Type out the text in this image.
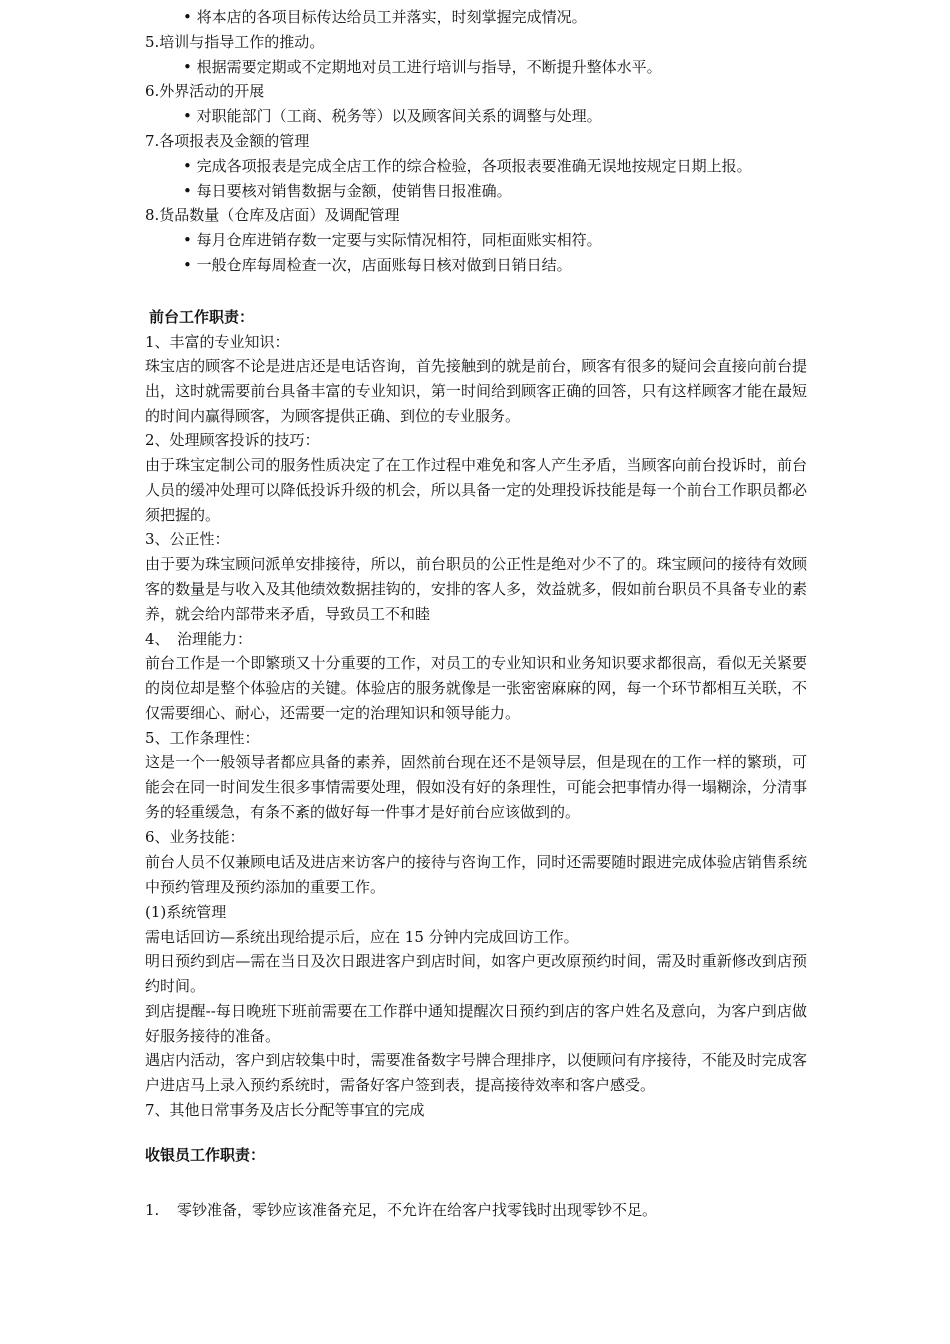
• 将本店的各项目标传达给员工并落实，时刻掌握完成情况。
5.培训与指导工作的推动。
• 根据需要定期或不定期地对员工进行培训与指导，不断提升整体水平。
6.外界活动的开展
• 对职能部门（工商、税务等）以及顾客间关系的调整与处理。
7.各项报表及金额的管理
• 完成各项报表是完成全店工作的综合检验，各项报表要准确无误地按规定日期上报。
• 每日要核对销售数据与金额，使销售日报准确。
8.货品数量（仓库及店面）及调配管理
• 每月仓库进销存数一定要与实际情况相符，同柜面账实相符。
• 一般仓库每周检查一次，店面账每日核对做到日销日结。
前台工作职责：
1、丰富的专业知识：
珠宝店的顾客不论是进店还是电话咨询，首先接触到的就是前台，顾客有很多的疑问会直接向前台提出，这时就需要前台具备丰富的专业知识，第一时间给到顾客正确的回答，只有这样顾客才能在最短的时间内赢得顾客，为顾客提供正确、到位的专业服务。
2、处理顾客投诉的技巧：
由于珠宝定制公司的服务性质决定了在工作过程中难免和客人产生矛盾，当顾客向前台投诉时，前台人员的缓冲处理可以降低投诉升级的机会，所以具备一定的处理投诉技能是每一个前台工作职员都必须把握的。
3、公正性：
由于要为珠宝顾问派单安排接待，所以，前台职员的公正性是绝对少不了的。珠宝顾问的接待有效顾客的数量是与收入及其他绩效数据挂钩的，安排的客人多，效益就多，假如前台职员不具备专业的素养，就会给内部带来矛盾，导致员工不和睦
4、　治理能力：
前台工作是一个即繁琐又十分重要的工作，对员工的专业知识和业务知识要求都很高，看似无关紧要的岗位却是整个体验店的关键。体验店的服务就像是一张密密麻麻的网，每一个环节都相互关联，不仅需要细心、耐心，还需要一定的治理知识和领导能力。
5、工作条理性：
这是一个一般领导者都应具备的素养，固然前台现在还不是领导层，但是现在的工作一样的繁琐，可能会在同一时间发生很多事情需要处理，假如没有好的条理性，可能会把事情办得一塌糊涂，分清事务的轻重缓急，有条不紊的做好每一件事才是好前台应该做到的。
6、业务技能：
前台人员不仅兼顾电话及进店来访客户的接待与咨询工作，同时还需要随时跟进完成体验店销售系统中预约管理及预约添加的重要工作。
(1)系统管理
需电话回访—系统出现给提示后，应在 15 分钟内完成回访工作。
明日预约到店—需在当日及次日跟进客户到店时间，如客户更改原预约时间，需及时重新修改到店预约时间。
到店提醒--每日晚班下班前需要在工作群中通知提醒次日预约到店的客户姓名及意向，为客户到店做好服务接待的准备。
遇店内活动，客户到店较集中时，需要准备数字号牌合理排序，以便顾问有序接待，不能及时完成客户进店马上录入预约系统时，需备好客户签到表，提高接待效率和客户感受。
7、其他日常事务及店长分配等事宜的完成
收银员工作职责：
1. 零钞准备，零钞应该准备充足，不允许在给客户找零钱时出现零钞不足。
